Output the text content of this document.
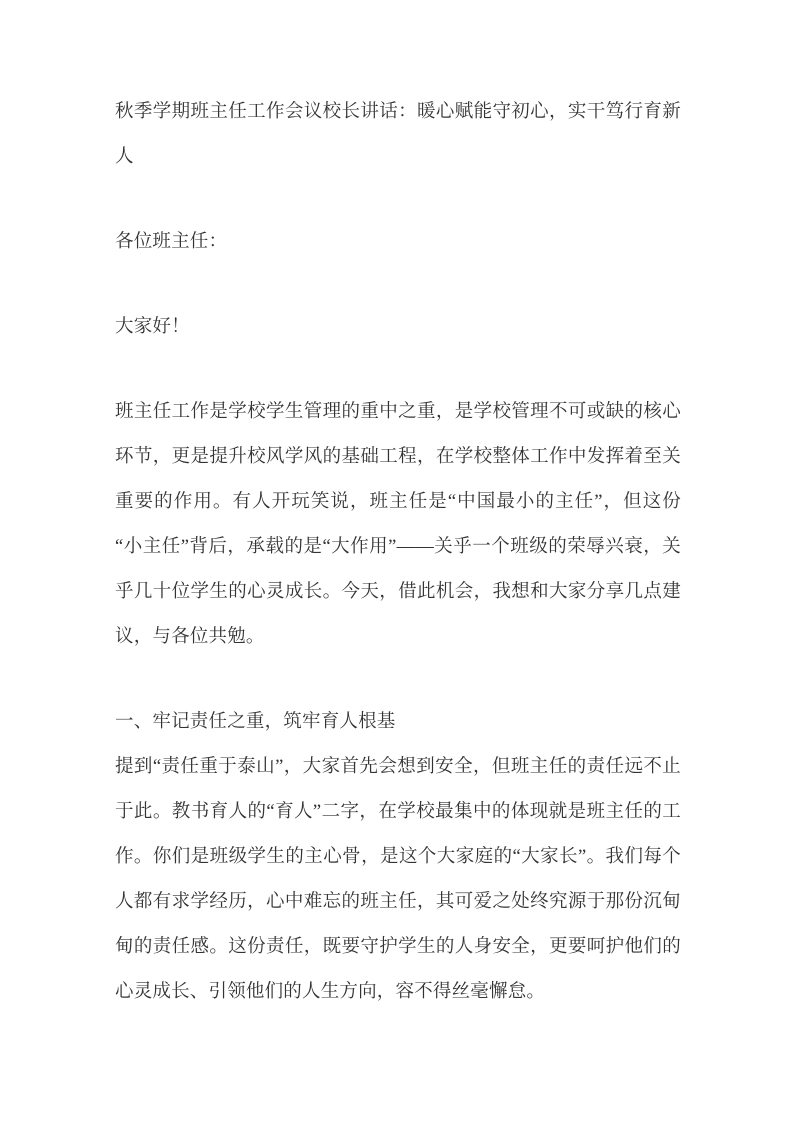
秋季学期班主任工作会议校长讲话：暖心赋能守初心，实干笃行育新人

各位班主任：

大家好！

班主任工作是学校学生管理的重中之重，是学校管理不可或缺的核心环节，更是提升校风学风的基础工程，在学校整体工作中发挥着至关重要的作用。有人开玩笑说，班主任是“中国最小的主任”，但这份“小主任”背后，承载的是“大作用”——关乎一个班级的荣辱兴衰，关乎几十位学生的心灵成长。今天，借此机会，我想和大家分享几点建议，与各位共勉。

一、牢记责任之重，筑牢育人根基

提到“责任重于泰山”，大家首先会想到安全，但班主任的责任远不止于此。教书育人的“育人”二字，在学校最集中的体现就是班主任的工作。你们是班级学生的主心骨，是这个大家庭的“大家长”。我们每个人都有求学经历，心中难忘的班主任，其可爱之处终究源于那份沉甸甸的责任感。这份责任，既要守护学生的人身安全，更要呵护他们的心灵成长、引领他们的人生方向，容不得丝毫懈怠。
